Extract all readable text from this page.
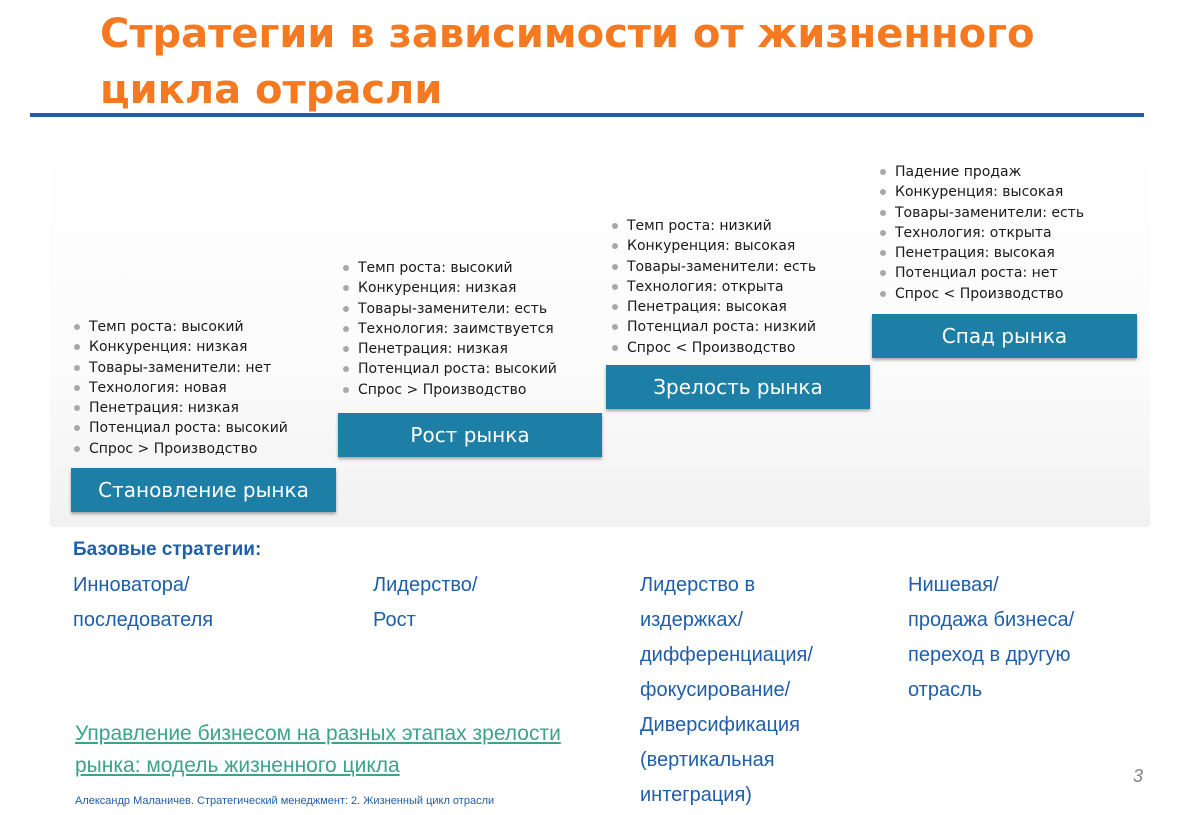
Стратегии в зависимости от жизненного цикла отрасли
Темп роста: высокий
Конкуренция: низкая
Товары-заменители: нет
Технология: новая
Пенетрация: низкая
Потенциал роста: высокий
Спрос > Производство
Становление рынка
Темп роста: высокий
Конкуренция: низкая
Товары-заменители: есть
Технология: заимствуется
Пенетрация: низкая
Потенциал роста: высокий
Спрос > Производство
Рост рынка
Темп роста: низкий
Конкуренция: высокая
Товары-заменители: есть
Технология: открыта
Пенетрация: высокая
Потенциал роста: низкий
Спрос < Производство
Зрелость рынка
Падение продаж
Конкуренция: высокая
Товары-заменители: есть
Технология: открыта
Пенетрация: высокая
Потенциал роста: нет
Спрос < Производство
Спад рынка
Базовые стратегии:
Инноватора/
последователя
Лидерство/
Рост
Лидерство в
издержках/
дифференциация/
фокусирование/
Диверсификация
(вертикальная
интеграция)
Нишевая/
продажа бизнеса/
переход в другую
отрасль
Управление бизнесом на разных этапах зрелости
рынка: модель жизненного цикла	3
Александр Маланичев. Стратегический менеджмент: 2. Жизненный цикл отрасли
